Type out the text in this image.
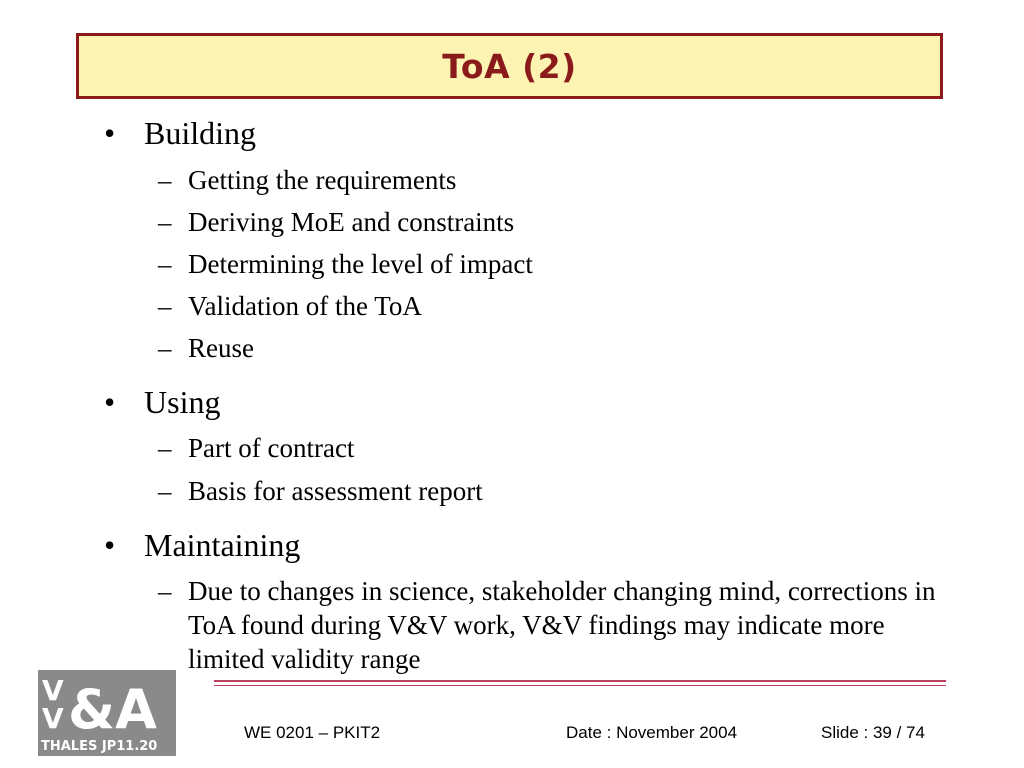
ToA (2)
• Building
– Getting the requirements
– Deriving MoE and constraints
– Determining the level of impact
– Validation of the ToA
– Reuse
• Using
– Part of contract
– Basis for assessment report
• Maintaining
– Due to changes in science, stakeholder changing mind, corrections in ToA found during V&V work, V&V findings may indicate more limited validity range
V
V &A
THALES JP11.20
WE 0201 – PKIT2	Date : November 2004	Slide : 39 / 74
